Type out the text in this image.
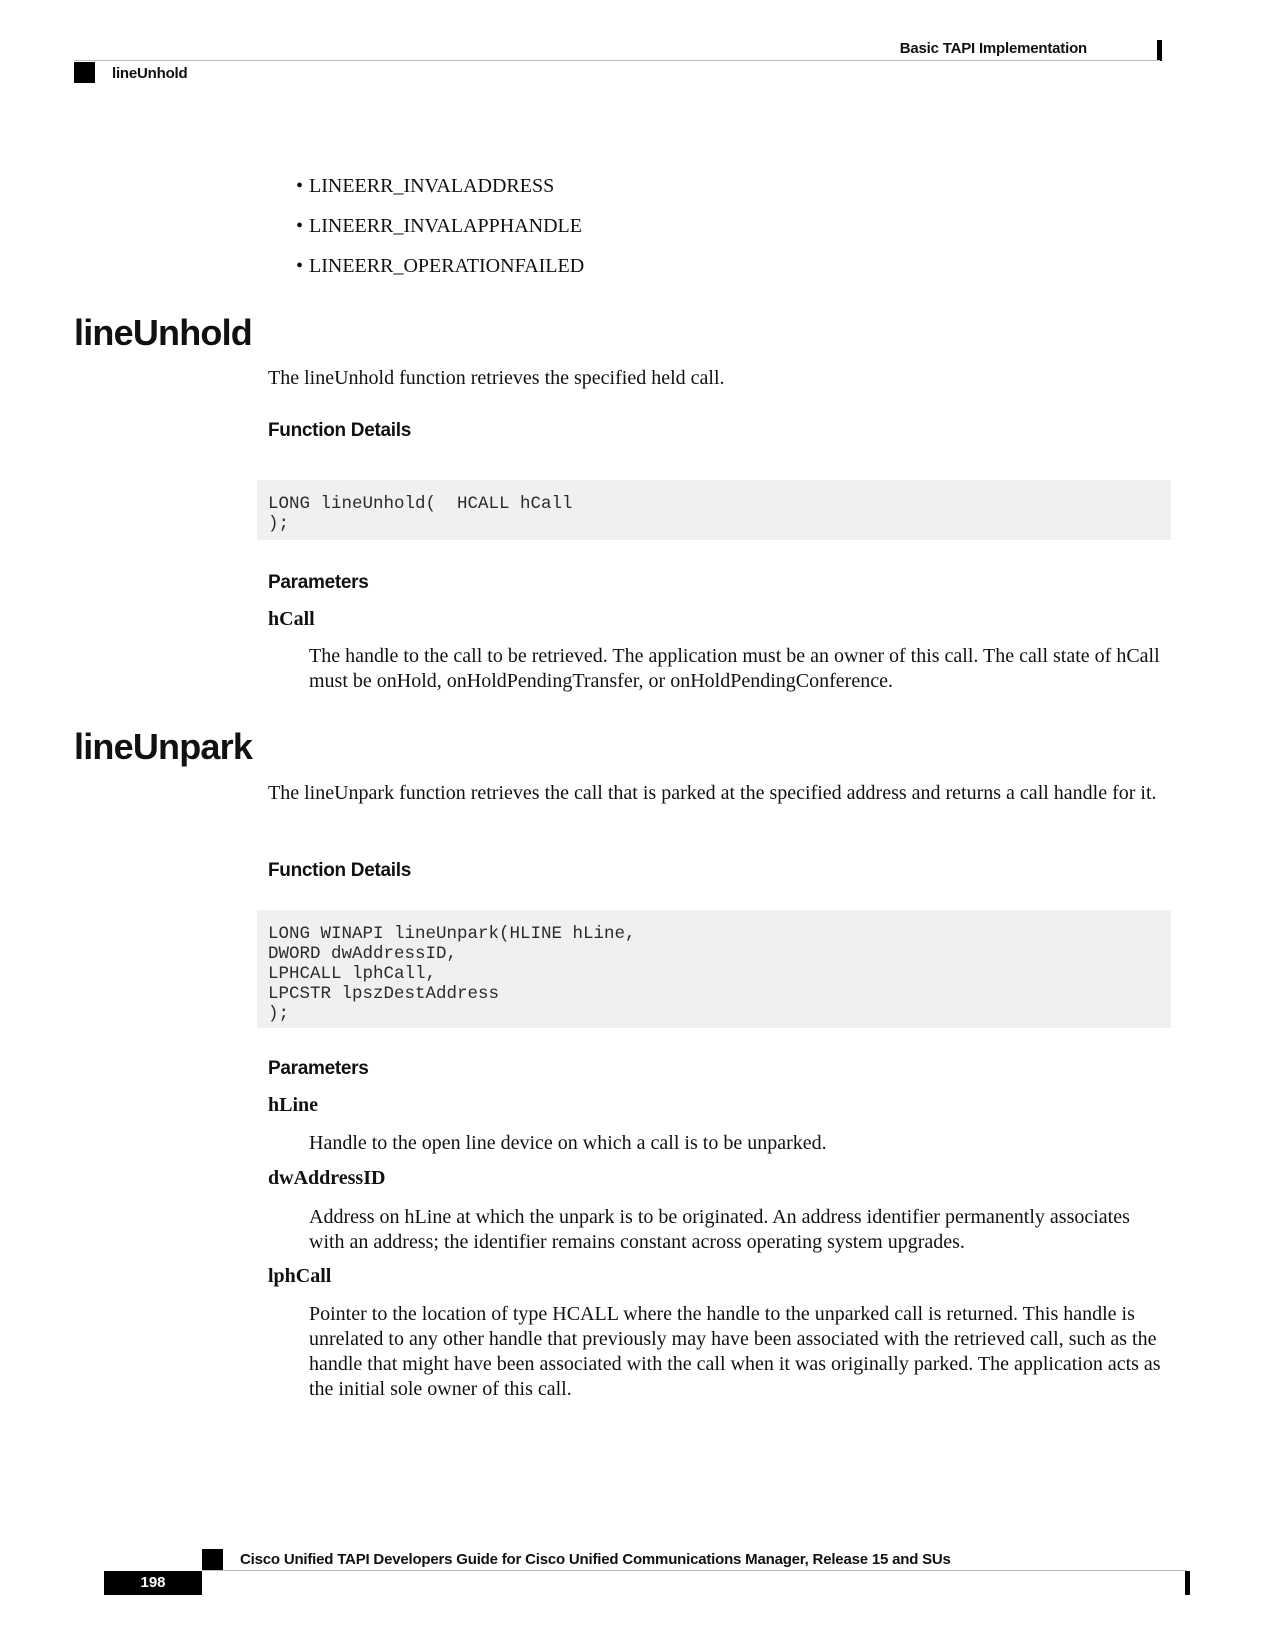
Basic TAPI Implementation
lineUnhold
• LINEERR_INVALADDRESS
• LINEERR_INVALAPPHANDLE
• LINEERR_OPERATIONFAILED
lineUnhold

The lineUnhold function retrieves the specified held call.

Function Details
LONG lineUnhold(  HCALL hCall
);
Parameters

hCall

The handle to the call to be retrieved. The application must be an owner of this call. The call state of hCall must be onHold, onHoldPendingTransfer, or onHoldPendingConference.

lineUnpark

The lineUnpark function retrieves the call that is parked at the specified address and returns a call handle for it.

Function Details
LONG WINAPI lineUnpark(HLINE hLine,
DWORD dwAddressID,
LPHCALL lphCall,
LPCSTR lpszDestAddress
);
Parameters

hLine

Handle to the open line device on which a call is to be unparked.

dwAddressID

Address on hLine at which the unpark is to be originated. An address identifier permanently associates with an address; the identifier remains constant across operating system upgrades.

lphCall

Pointer to the location of type HCALL where the handle to the unparked call is returned. This handle is unrelated to any other handle that previously may have been associated with the retrieved call, such as the handle that might have been associated with the call when it was originally parked. The application acts as the initial sole owner of this call.

Cisco Unified TAPI Developers Guide for Cisco Unified Communications Manager, Release 15 and SUs
198
